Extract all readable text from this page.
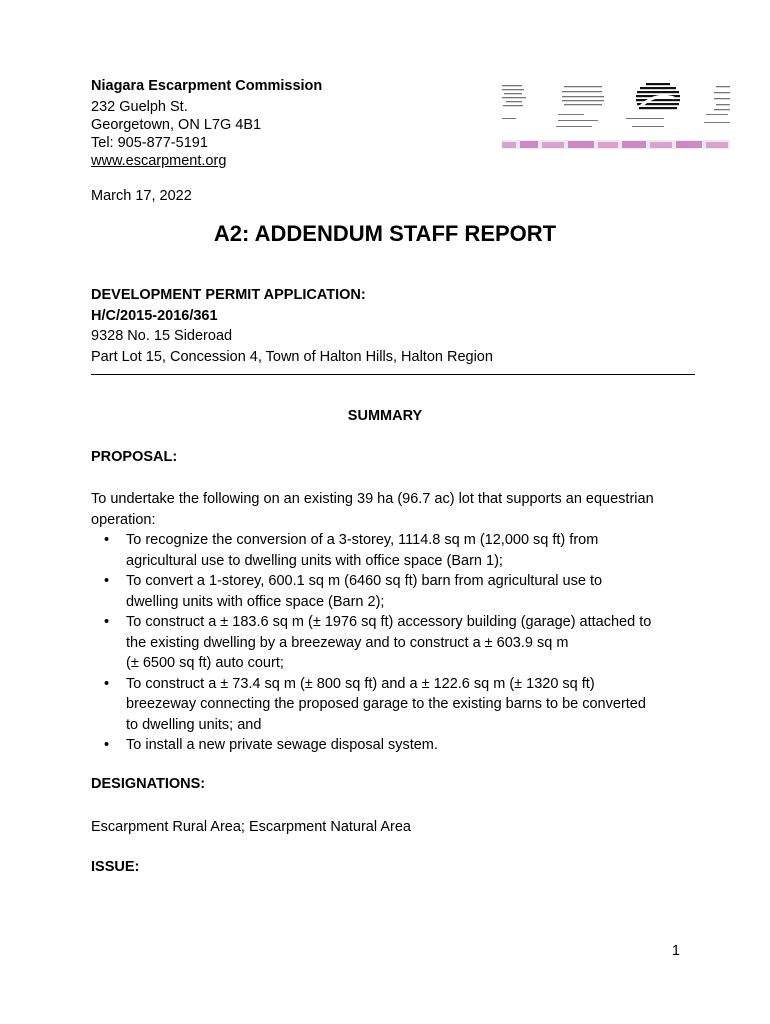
Niagara Escarpment Commission
232 Guelph St.
Georgetown, ON L7G 4B1
Tel: 905-877-5191
www.escarpment.org
March 17, 2022
A2: ADDENDUM STAFF REPORT
DEVELOPMENT PERMIT APPLICATION:
H/C/2015-2016/361
9328 No. 15 Sideroad
Part Lot 15, Concession 4, Town of Halton Hills, Halton Region
SUMMARY
PROPOSAL:
To undertake the following on an existing 39 ha (96.7 ac) lot that supports an equestrian
operation:
• To recognize the conversion of a 3-storey, 1114.8 sq m (12,000 sq ft) from
agricultural use to dwelling units with office space (Barn 1);
• To convert a 1-storey, 600.1 sq m (6460 sq ft) barn from agricultural use to
dwelling units with office space (Barn 2);
• To construct a ± 183.6 sq m (± 1976 sq ft) accessory building (garage) attached to
the existing dwelling by a breezeway and to construct a ± 603.9 sq m
(± 6500 sq ft) auto court;
• To construct a ± 73.4 sq m (± 800 sq ft) and a ± 122.6 sq m (± 1320 sq ft)
breezeway connecting the proposed garage to the existing barns to be converted
to dwelling units; and
• To install a new private sewage disposal system.
DESIGNATIONS:
Escarpment Rural Area; Escarpment Natural Area
ISSUE:
1
